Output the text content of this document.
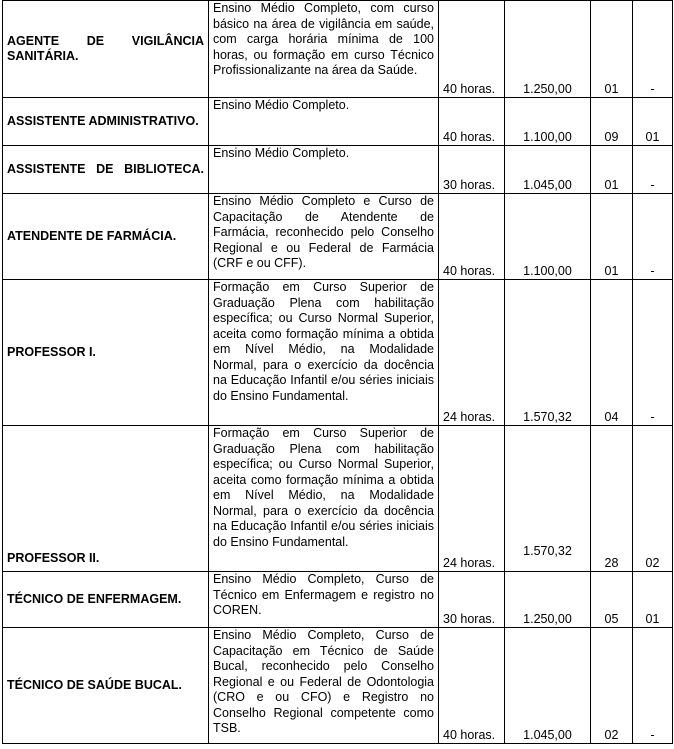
AGENTE DE VIGILÂNCIA SANITÁRIA.	Ensino Médio Completo, com curso básico na área de vigilância em saúde, com carga horária mínima de 100 horas, ou formação em curso Técnico Profissionalizante na área da Saúde.	40 horas.	1.250,00	01	-
ASSISTENTE ADMINISTRATIVO.	Ensino Médio Completo.	40 horas.	1.100,00	09	01
ASSISTENTE DE BIBLIOTECA.	Ensino Médio Completo.	30 horas.	1.045,00	01	-
ATENDENTE DE FARMÁCIA.	Ensino Médio Completo e Curso de Capacitação de Atendente de Farmácia, reconhecido pelo Conselho Regional e ou Federal de Farmácia (CRF e ou CFF).	40 horas.	1.100,00	01	-
PROFESSOR I.	Formação em Curso Superior de Graduação Plena com habilitação específica; ou Curso Normal Superior, aceita como formação mínima a obtida em Nível Médio, na Modalidade Normal, para o exercício da docência na Educação Infantil e/ou séries iniciais do Ensino Fundamental.	24 horas.	1.570,32	04	-
PROFESSOR II.	Formação em Curso Superior de Graduação Plena com habilitação específica; ou Curso Normal Superior, aceita como formação mínima a obtida em Nível Médio, na Modalidade Normal, para o exercício da docência na Educação Infantil e/ou séries iniciais do Ensino Fundamental.	24 horas.	1.570,32	28	02
TÉCNICO DE ENFERMAGEM.	Ensino Médio Completo, Curso de Técnico em Enfermagem e registro no COREN.	30 horas.	1.250,00	05	01
TÉCNICO DE SAÚDE BUCAL.	Ensino Médio Completo, Curso de Capacitação em Técnico de Saúde Bucal, reconhecido pelo Conselho Regional e ou Federal de Odontologia (CRO e ou CFO) e Registro no Conselho Regional competente como TSB.	40 horas.	1.045,00	02	-
